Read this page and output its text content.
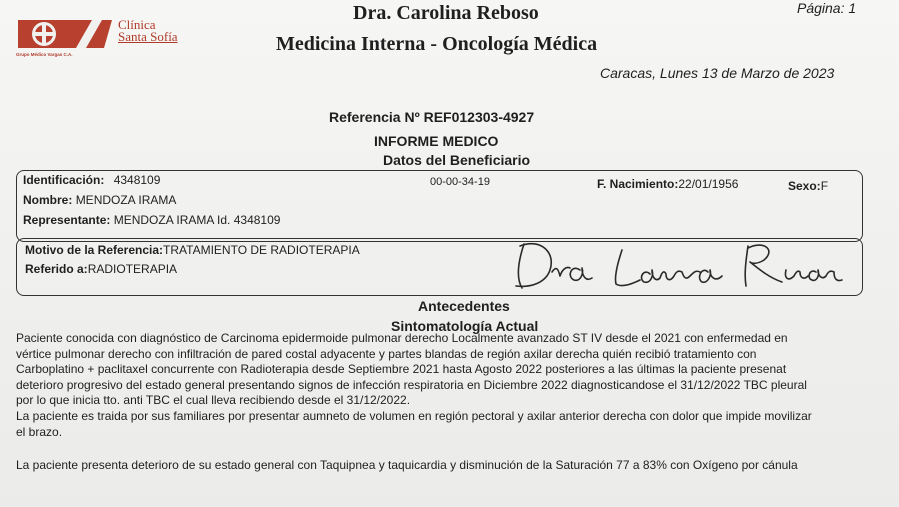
Clínica
Santa Sofía
Grupo Médico Vargas C.A.
Dra. Carolina Reboso
Medicina Interna - Oncología Médica
Página: 1
Caracas, Lunes 13 de Marzo de 2023
Referencia Nº REF012303-4927
INFORME MEDICO
Datos del Beneficiario
Identificación: 4348109	00-00-34-19	F. Nacimiento:22/01/1956	Sexo:F
Nombre: MENDOZA IRAMA
Representante: MENDOZA IRAMA Id. 4348109
Motivo de la Referencia:TRATAMIENTO DE RADIOTERAPIA
Referido a:RADIOTERAPIA
Antecedentes
Sintomatología Actual

Paciente conocida con diagnóstico de Carcinoma epidermoide pulmonar derecho Localmente avanzado ST IV desde el 2021 con enfermedad en

vértice pulmonar derecho con infiltración de pared costal adyacente y partes blandas de región axilar derecha quién recibió tratamiento con

Carboplatino + paclitaxel concurrente con Radioterapia desde Septiembre 2021 hasta Agosto 2022 posteriores a las últimas la paciente presenat

deterioro progresivo del estado general presentando signos de infección respiratoria en Diciembre 2022 diagnosticandose el 31/12/2022 TBC pleural

por lo que inicia tto. anti TBC el cual lleva recibiendo desde el 31/12/2022.

La paciente es traida por sus familiares por presentar aumneto de volumen en región pectoral y axilar anterior derecha con dolor que impide movilizar

el brazo.

La paciente presenta deterioro de su estado general con Taquipnea y taquicardia y disminución de la Saturación 77 a 83% con Oxígeno por cánula
